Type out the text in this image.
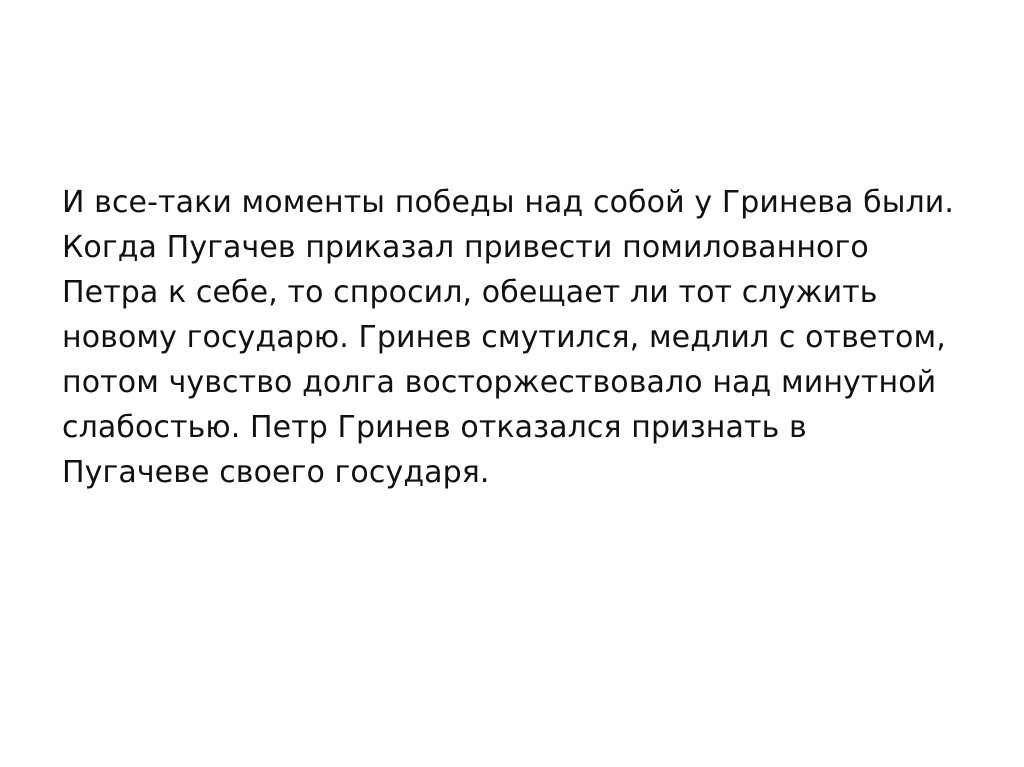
И все-таки моменты победы над собой у Гринева были. Когда Пугачев приказал привести помилованного Петра к себе, то спросил, обещает ли тот служить новому государю. Гринев смутился, медлил с ответом, потом чувство долга восторжествовало над минутной слабостью. Петр Гринев отказался признать в Пугачеве своего государя.
